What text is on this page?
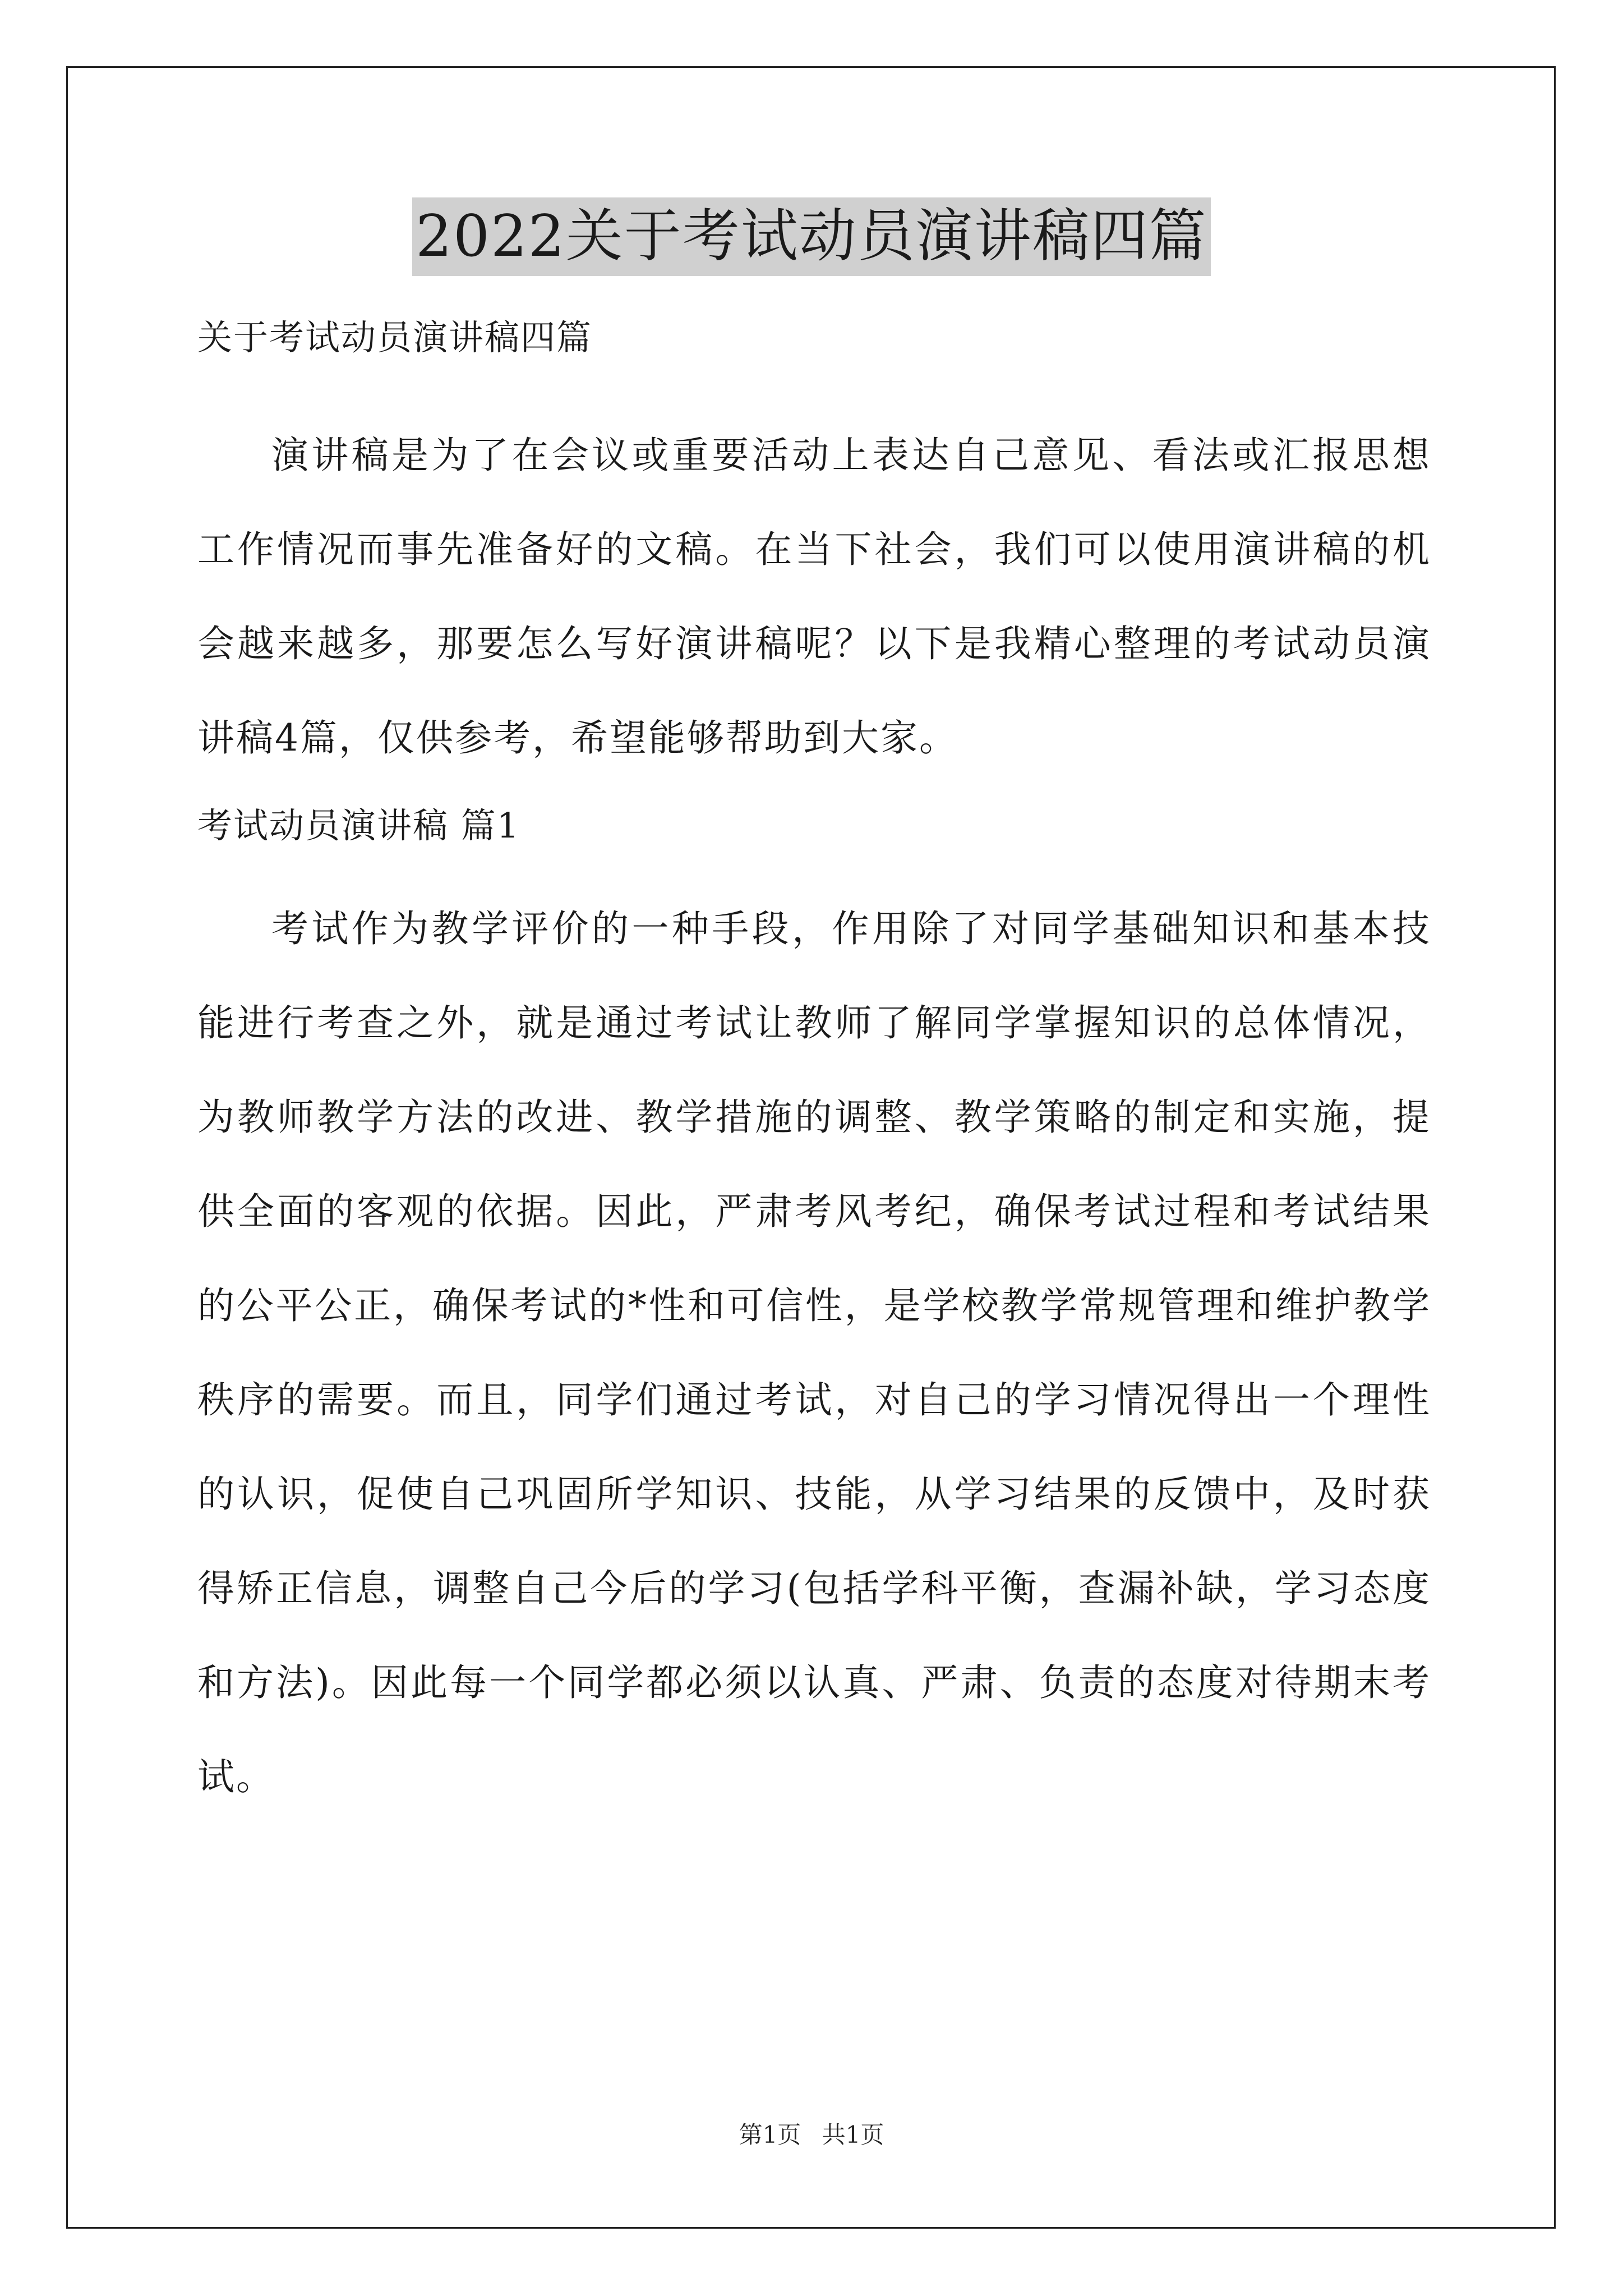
2022关于考试动员演讲稿四篇
关于考试动员演讲稿四篇

演讲稿是为了在会议或重要活动上表达自己意见、看法或汇报思想工作情况而事先准备好的文稿。在当下社会，我们可以使用演讲稿的机会越来越多，那要怎么写好演讲稿呢？以下是我精心整理的考试动员演讲稿4篇，仅供参考，希望能够帮助到大家。

考试动员演讲稿 篇1

考试作为教学评价的一种手段，作用除了对同学基础知识和基本技能进行考查之外，就是通过考试让教师了解同学掌握知识的总体情况，为教师教学方法的改进、教学措施的调整、教学策略的制定和实施，提供全面的客观的依据。因此，严肃考风考纪，确保考试过程和考试结果的公平公正，确保考试的*性和可信性，是学校教学常规管理和维护教学秩序的需要。而且，同学们通过考试，对自己的学习情况得出一个理性的认识，促使自己巩固所学知识、技能，从学习结果的反馈中，及时获得矫正信息，调整自己今后的学习(包括学科平衡，查漏补缺，学习态度和方法)。因此每一个同学都必须以认真、严肃、负责的态度对待期末考试。

第1页 共1页
